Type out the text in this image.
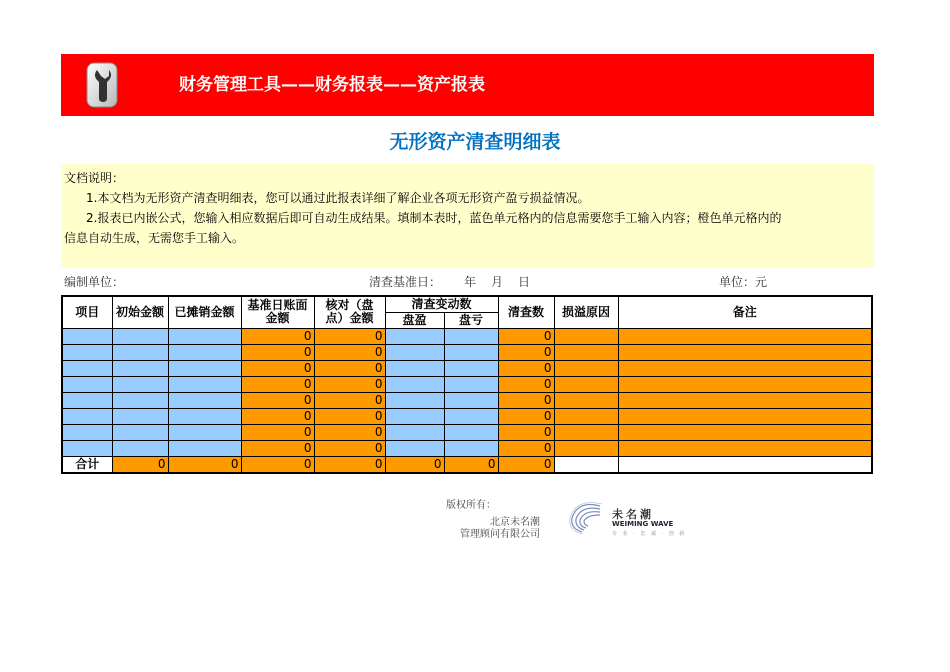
财务管理工具——财务报表——资产报表
无形资产清查明细表
文档说明：
1.本文档为无形资产清查明细表，您可以通过此报表详细了解企业各项无形资产盈亏损益情况。
2.报表已内嵌公式，您输入相应数据后即可自动生成结果。填制本表时，蓝色单元格内的信息需要您手工输入内容；橙色单元格内的
信息自动生成，无需您手工输入。
编制单位：	清查基准日： 年 月 日	单位：元
项目	初始金额	已摊销金额	基准日账面金额	核对（盘点）金额	清查变动数		清查数	损溢原因	备注
					盘盈	盘亏			
			0	0			0		
			0	0			0		
			0	0			0		
			0	0			0		
			0	0			0		
			0	0			0		
			0	0			0		
			0	0			0		
合计	0	0	0	0	0	0	0		
版权所有：
北京未名潮
管理顾问有限公司
未名潮
WEIMING WAVE
专 业 · 忠 诚 · 创 新
